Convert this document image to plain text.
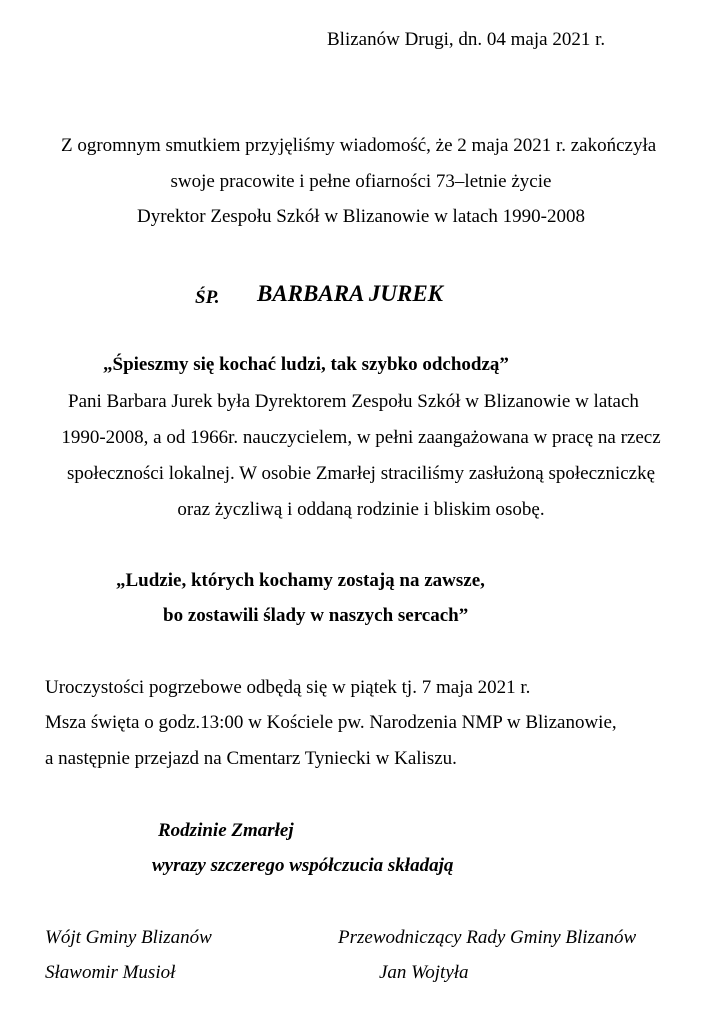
Blizanów Drugi, dn. 04 maja 2021 r.
Z ogromnym smutkiem przyjęliśmy wiadomość, że 2 maja 2021 r. zakończyła
swoje pracowite i pełne ofiarności 73–letnie życie
Dyrektor Zespołu Szkół w Blizanowie w latach 1990-2008
ŚP. BARBARA JUREK
„Śpieszmy się kochać ludzi, tak szybko odchodzą”
Pani Barbara Jurek była Dyrektorem Zespołu Szkół w Blizanowie w latach
1990-2008, a od 1966r. nauczycielem, w pełni zaangażowana w pracę na rzecz
społeczności lokalnej. W osobie Zmarłej straciliśmy zasłużoną społeczniczkę
oraz życzliwą i oddaną rodzinie i bliskim osobę.
„Ludzie, których kochamy zostają na zawsze,
bo zostawili ślady w naszych sercach”
Uroczystości pogrzebowe odbędą się w piątek tj. 7 maja 2021 r.
Msza święta o godz.13:00 w Kościele pw. Narodzenia NMP w Blizanowie,
a następnie przejazd na Cmentarz Tyniecki w Kaliszu.
Rodzinie Zmarłej
wyrazy szczerego współczucia składają
Wójt Gminy Blizanów
Sławomir Musioł
Przewodniczący Rady Gminy Blizanów
Jan Wojtyła
